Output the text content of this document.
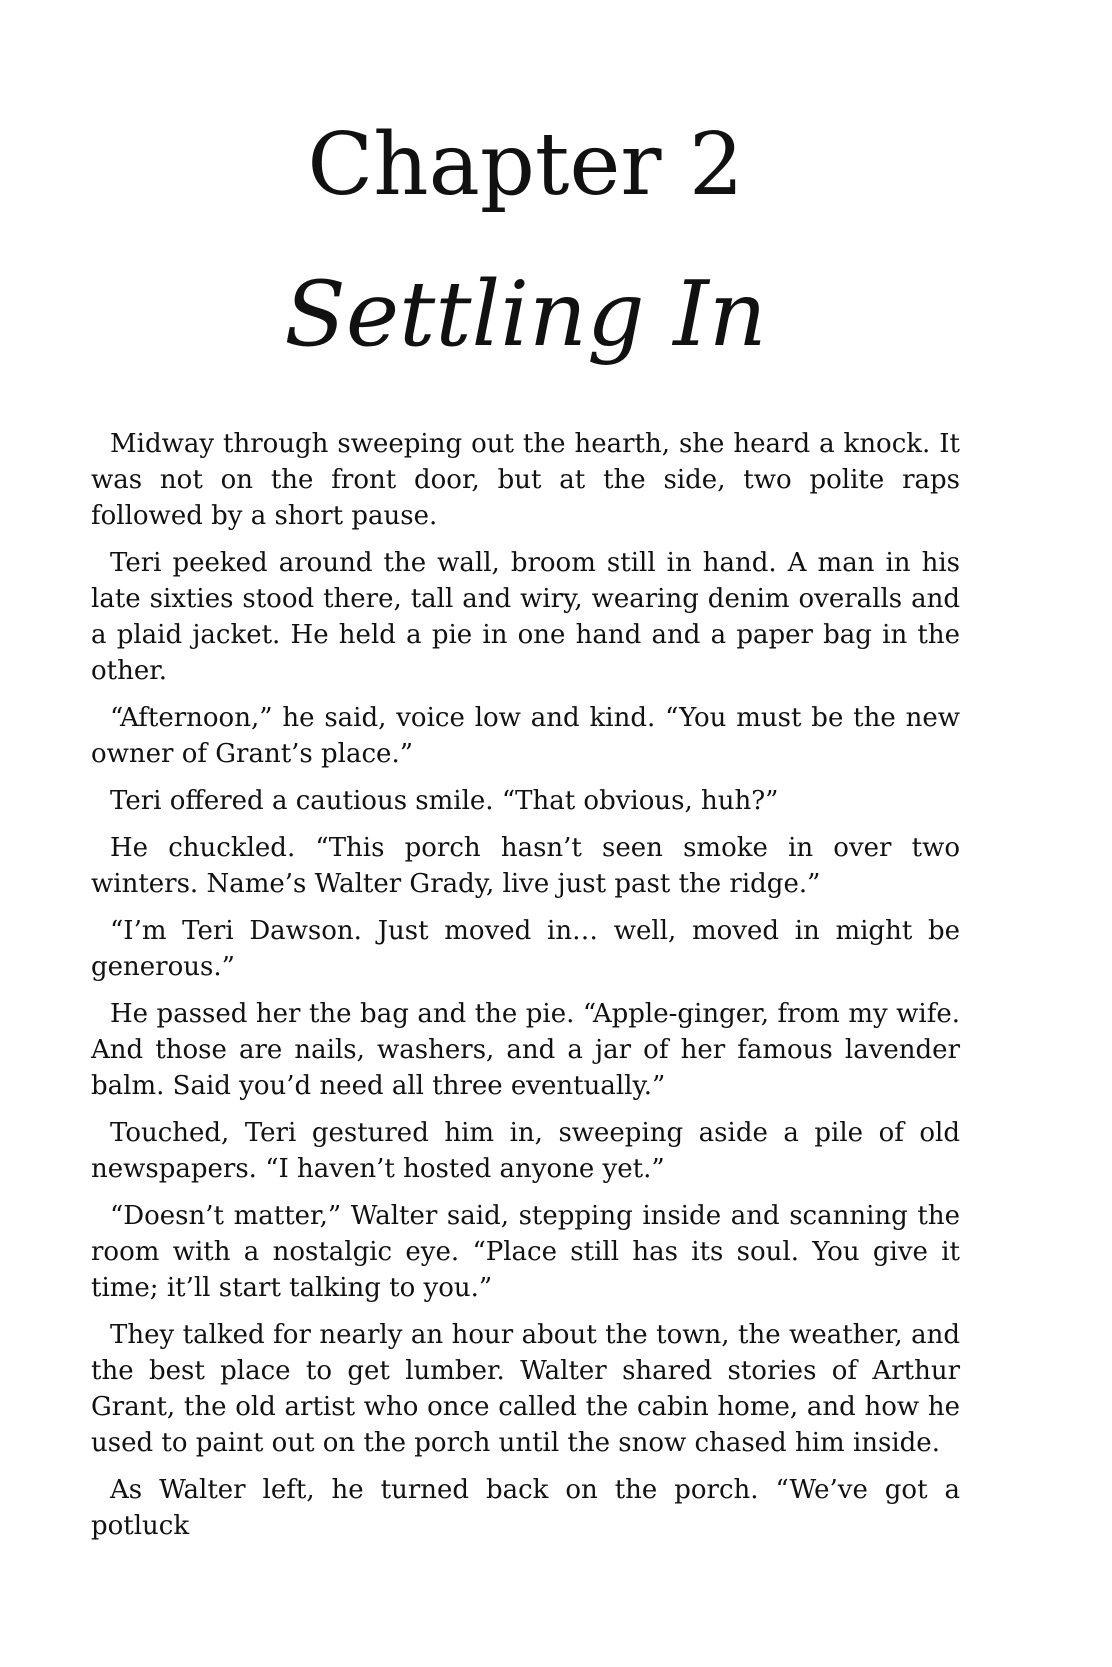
Chapter 2
Settling In

Midway through sweeping out the hearth, she heard a knock. It was not on the front door, but at the side, two polite raps followed by a short pause.

Teri peeked around the wall, broom still in hand. A man in his late sixties stood there, tall and wiry, wearing denim overalls and a plaid jacket. He held a pie in one hand and a paper bag in the other.

“Afternoon,” he said, voice low and kind. “You must be the new owner of Grant’s place.”

Teri offered a cautious smile. “That obvious, huh?”

He chuckled. “This porch hasn’t seen smoke in over two winters. Name’s Walter Grady, live just past the ridge.”

“I’m Teri Dawson. Just moved in… well, moved in might be generous.”

He passed her the bag and the pie. “Apple-ginger, from my wife. And those are nails, washers, and a jar of her famous lavender balm. Said you’d need all three eventually.”

Touched, Teri gestured him in, sweeping aside a pile of old newspapers. “I haven’t hosted anyone yet.”

“Doesn’t matter,” Walter said, stepping inside and scanning the room with a nostalgic eye. “Place still has its soul. You give it time; it’ll start talking to you.”

They talked for nearly an hour about the town, the weather, and the best place to get lumber. Walter shared stories of Arthur Grant, the old artist who once called the cabin home, and how he used to paint out on the porch until the snow chased him inside.

As Walter left, he turned back on the porch. “We’ve got a potluck
